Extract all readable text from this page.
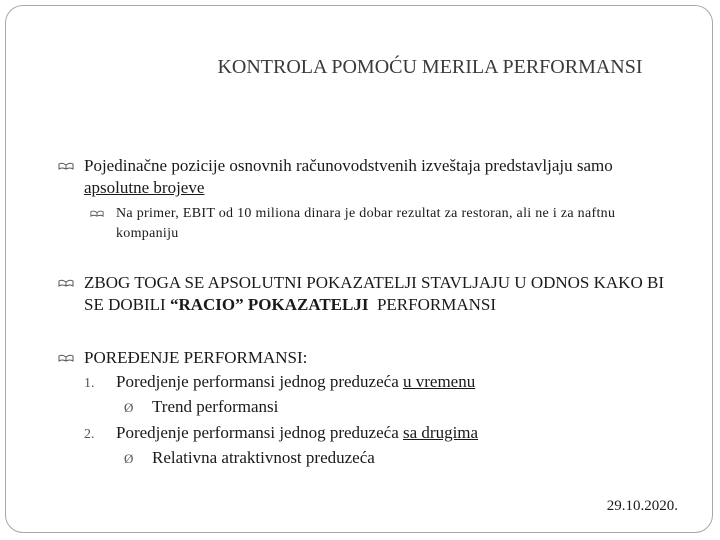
KONTROLA POMOĆU MERILA PERFORMANSI
Pojedinačne pozicije osnovnih računovodstvenih izveštaja predstavljaju samo apsolutne brojeve
Na primer, EBIT od 10 miliona dinara je dobar rezultat za restoran, ali ne i za naftnu kompaniju
ZBOG TOGA SE APSOLUTNI POKAZATELJI STAVLJAJU U ODNOS KAKO BI SE DOBILI “RACIO” POKAZATELJI  PERFORMANSI
POREĐENJE PERFORMANSI:
1. Poredjenje performansi jednog preduzeća u vremenu
Ø Trend performansi
2. Poredjenje performansi jednog preduzeća sa drugima
Ø Relativna atraktivnost preduzeća
29.10.2020.
